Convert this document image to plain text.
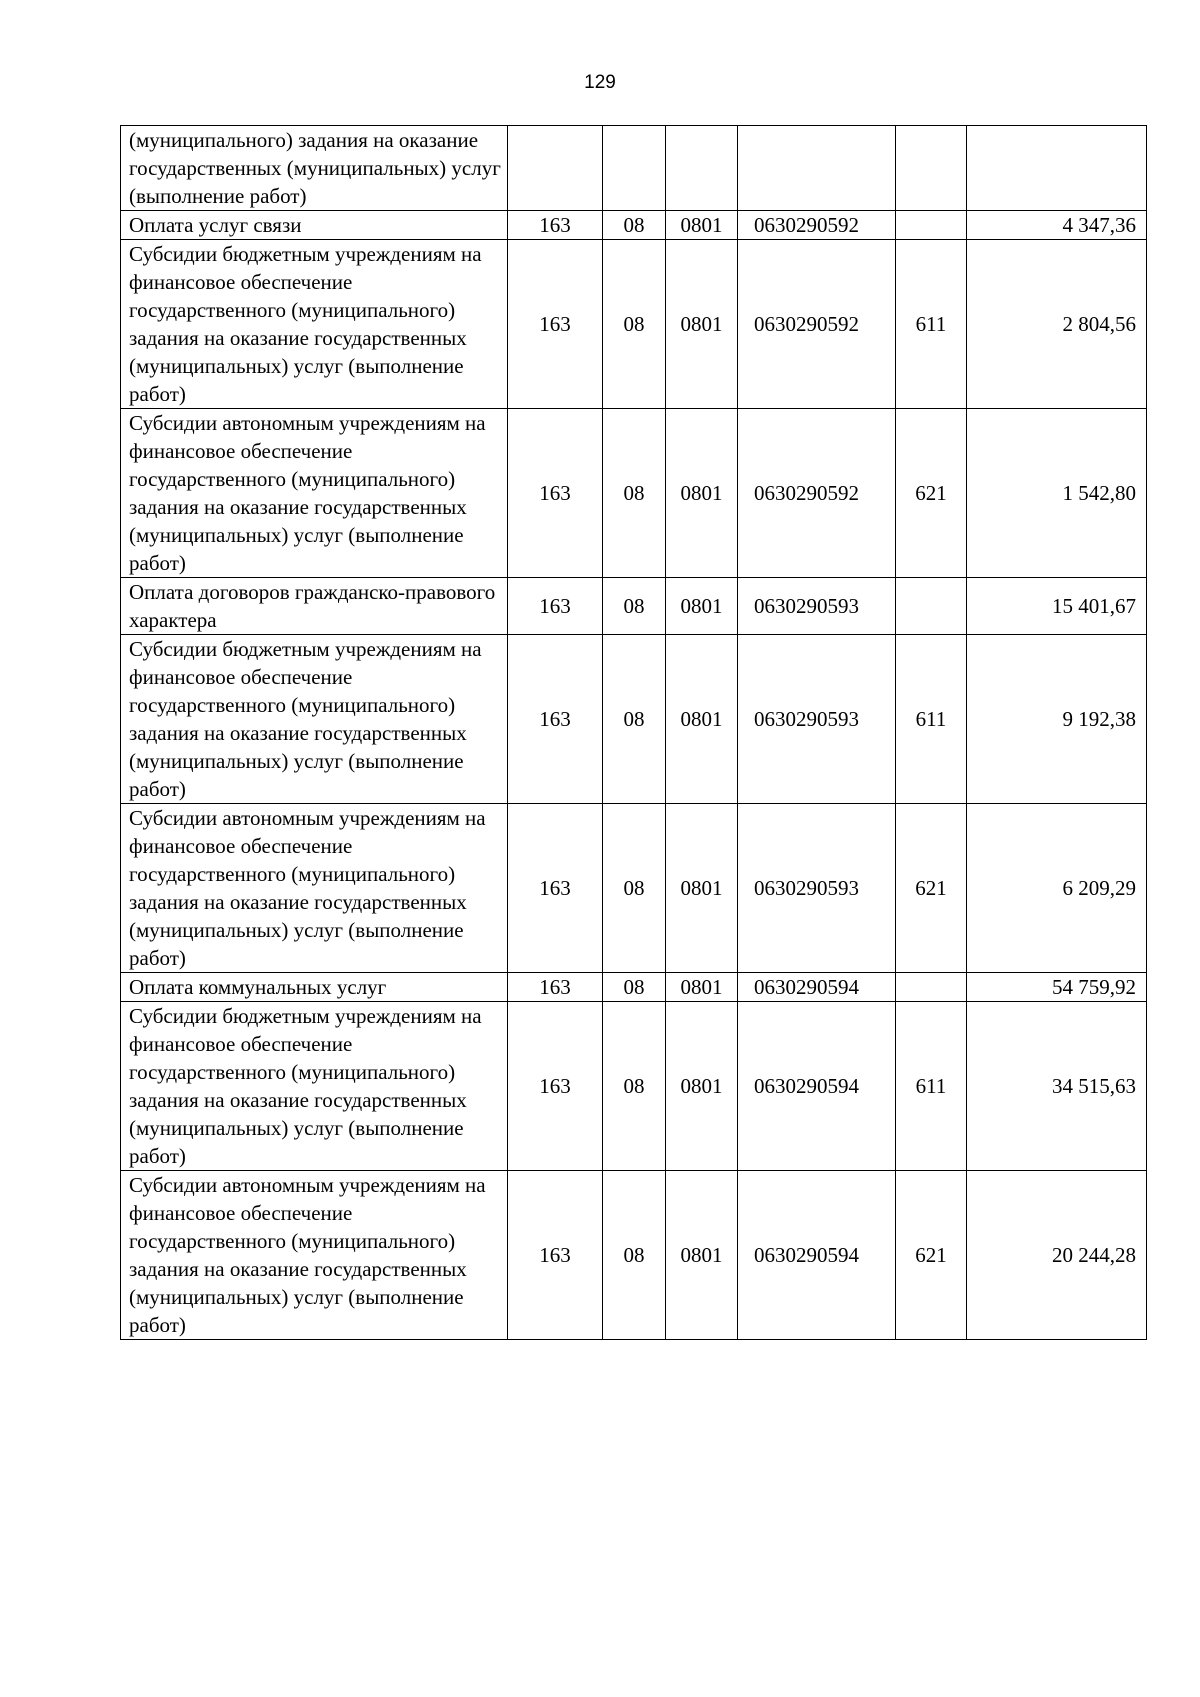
129
(муниципального) задания на оказание государственных (муниципальных) услуг (выполнение работ)						
Оплата услуг связи	163	08	0801	0630290592		4 347,36
Субсидии бюджетным учреждениям на финансовое обеспечение государственного (муниципального) задания на оказание государственных (муниципальных) услуг (выполнение работ)	163	08	0801	0630290592	611	2 804,56
Субсидии автономным учреждениям на финансовое обеспечение государственного (муниципального) задания на оказание государственных (муниципальных) услуг (выполнение работ)	163	08	0801	0630290592	621	1 542,80
Оплата договоров гражданско-правового характера	163	08	0801	0630290593		15 401,67
Субсидии бюджетным учреждениям на финансовое обеспечение государственного (муниципального) задания на оказание государственных (муниципальных) услуг (выполнение работ)	163	08	0801	0630290593	611	9 192,38
Субсидии автономным учреждениям на финансовое обеспечение государственного (муниципального) задания на оказание государственных (муниципальных) услуг (выполнение работ)	163	08	0801	0630290593	621	6 209,29
Оплата коммунальных услуг	163	08	0801	0630290594		54 759,92
Субсидии бюджетным учреждениям на финансовое обеспечение государственного (муниципального) задания на оказание государственных (муниципальных) услуг (выполнение работ)	163	08	0801	0630290594	611	34 515,63
Субсидии автономным учреждениям на финансовое обеспечение государственного (муниципального) задания на оказание государственных (муниципальных) услуг (выполнение работ)	163	08	0801	0630290594	621	20 244,28
